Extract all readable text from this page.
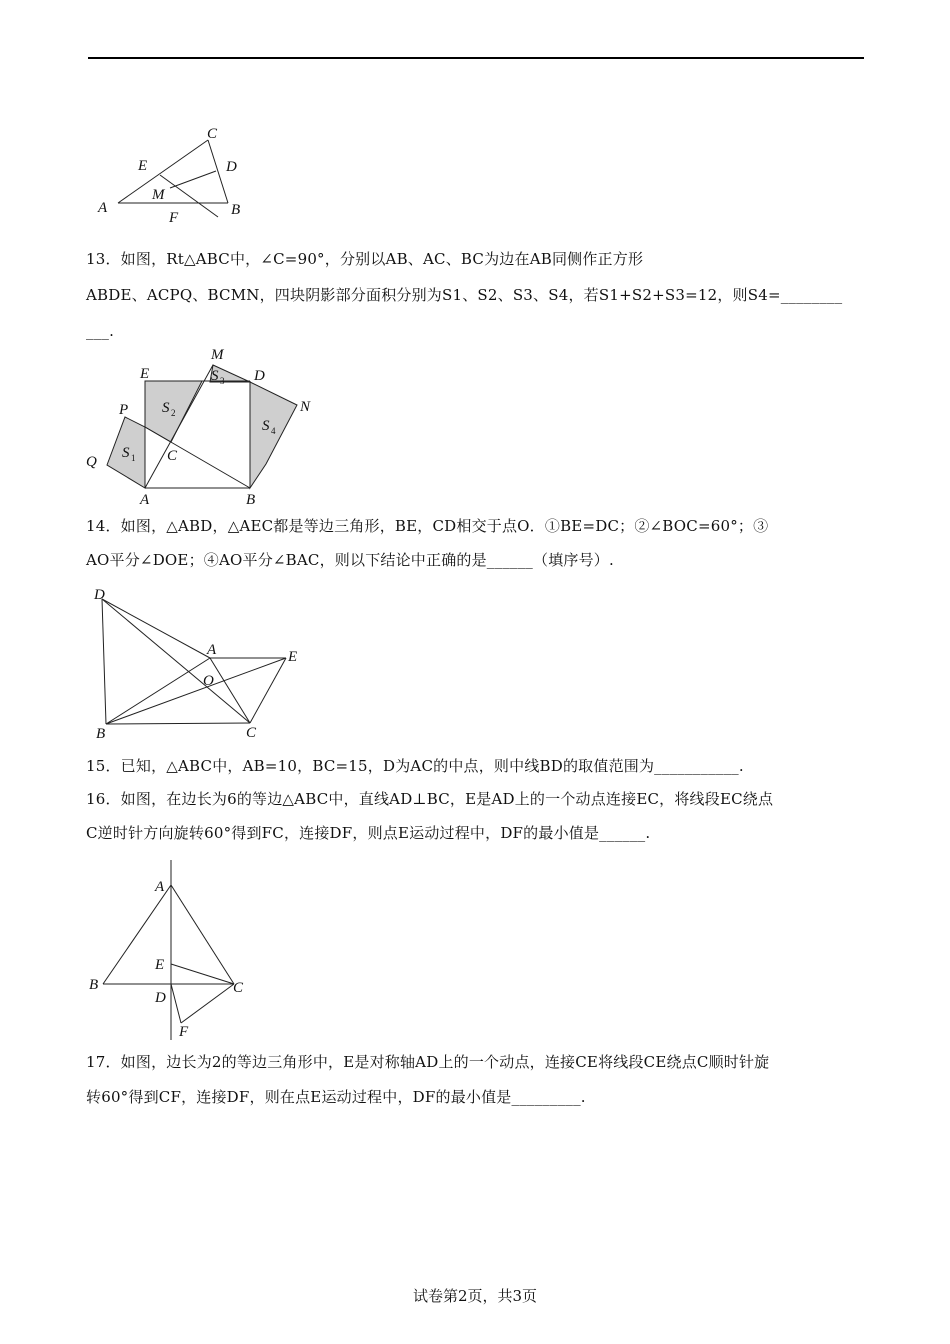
A	B
C
D
E
F
M
13．如图，Rt△ABC中，∠C=90°，分别以AB、AC、BC为边在AB同侧作正方形
ABDE、ACPQ、BCMN，四块阴影部分面积分别为S1、S2、S3、S4，若S1+S2+S3=12，则S4=________
___.
A	B
C
D
E
M
N
P
Q
S 1
S 2
S 3
S 4
14．如图，△ABD，△AEC都是等边三角形，BE，CD相交于点O．①BE=DC；②∠BOC=60°；③
AO平分∠DOE；④AO平分∠BAC，则以下结论中正确的是______（填序号）.
D
B	C
A	E
O
15．已知，△ABC中，AB=10，BC=15，D为AC的中点，则中线BD的取值范围为___________.
16．如图，在边长为6的等边△ABC中，直线AD⊥BC，E是AD上的一个动点连接EC，将线段EC绕点
C逆时针方向旋转60°得到FC，连接DF，则点E运动过程中，DF的最小值是______.
A
B	C
D
E
F
17．如图，边长为2的等边三角形中，E是对称轴AD上的一个动点，连接CE将线段CE绕点C顺时针旋
转60°得到CF，连接DF，则在点E运动过程中，DF的最小值是_________.
试卷第2页，共3页
